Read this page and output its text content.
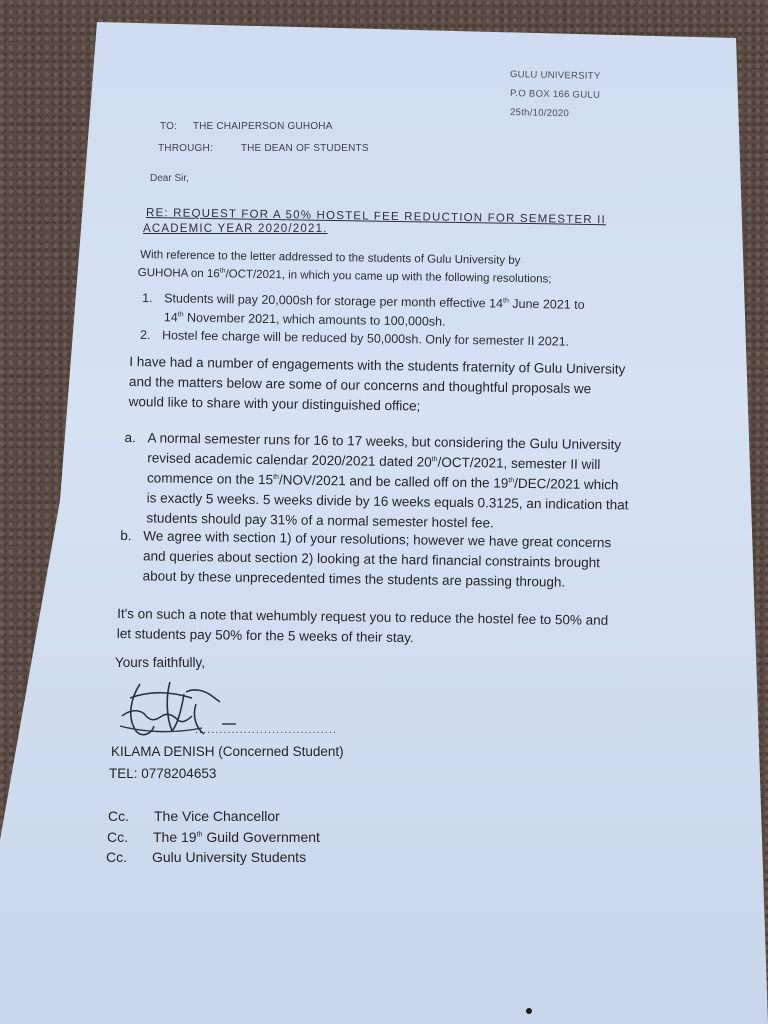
GULU UNIVERSITY
P.O BOX 166 GULU
25th/10/2020
TO: THE CHAIPERSON GUHOHA
THROUGH:	THE DEAN OF STUDENTS
Dear Sir,
RE: REQUEST FOR A 50% HOSTEL FEE REDUCTION FOR SEMESTER II
ACADEMIC YEAR 2020/2021.
With reference to the letter addressed to the students of Gulu University by
GUHOHA on 16th/OCT/2021, in which you came up with the following resolutions;
1. Students will pay 20,000sh for storage per month effective 14th June 2021 to
14th November 2021, which amounts to 100,000sh.
2. Hostel fee charge will be reduced by 50,000sh. Only for semester II 2021.
I have had a number of engagements with the students fraternity of Gulu University
and the matters below are some of our concerns and thoughtful proposals we
would like to share with your distinguished office;
a. A normal semester runs for 16 to 17 weeks, but considering the Gulu University
revised academic calendar 2020/2021 dated 20th/OCT/2021, semester II will
commence on the 15th/NOV/2021 and be called off on the 19th/DEC/2021 which
is exactly 5 weeks. 5 weeks divide by 16 weeks equals 0.3125, an indication that
students should pay 31% of a normal semester hostel fee.
b. We agree with section 1) of your resolutions; however we have great concerns
and queries about section 2) looking at the hard financial constraints brought
about by these unprecedented times the students are passing through.
It's on such a note that wehumbly request you to reduce the hostel fee to 50% and
let students pay 50% for the 5 weeks of their stay.
Yours faithfully,
...................................
KILAMA DENISH (Concerned Student)
TEL: 0778204653
Cc. The Vice Chancellor
Cc. The 19th Guild Government
Cc. Gulu University Students
